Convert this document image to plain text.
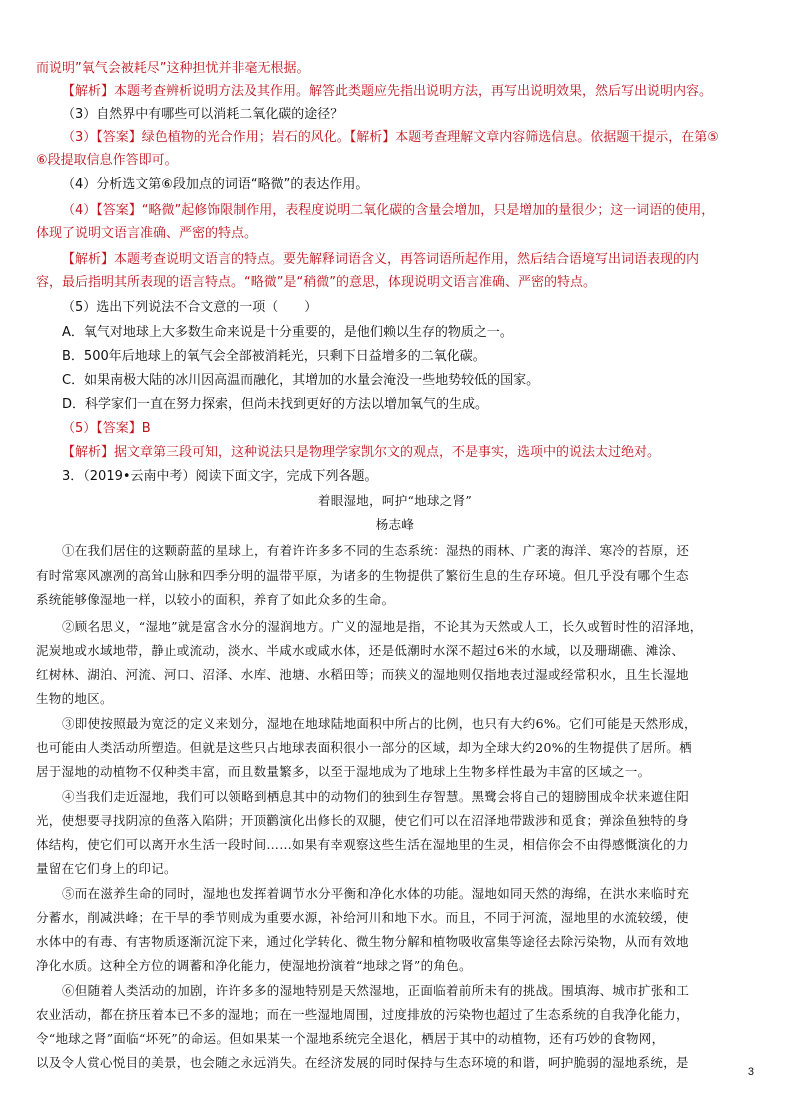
而说明”氧气会被耗尽”这种担忧并非毫无根据。
【解析】本题考查辨析说明方法及其作用。解答此类题应先指出说明方法，再写出说明效果，然后写出说明内容。
（3）自然界中有哪些可以消耗二氧化碳的途径？
（3）【答案】绿色植物的光合作用；岩石的风化。【解析】本题考查理解文章内容筛选信息。依据题干提示，在第⑤
⑥段提取信息作答即可。
（4）分析选文第⑥段加点的词语“略微”的表达作用。
（4）【答案】“略微”起修饰限制作用，表程度说明二氧化碳的含量会增加，只是增加的量很少；这一词语的使用，
体现了说明文语言准确、严密的特点。
【解析】本题考查说明文语言的特点。要先解释词语含义，再答词语所起作用，然后结合语境写出词语表现的内
容，最后指明其所表现的语言特点。“略微”是“稍微”的意思，体现说明文语言准确、严密的特点。
（5）选出下列说法不合文意的一项（　　）
A．氧气对地球上大多数生命来说是十分重要的，是他们赖以生存的物质之一。
B．500年后地球上的氧气会全部被消耗光，只剩下日益增多的二氧化碳。
C．如果南极大陆的冰川因高温而融化，其增加的水量会淹没一些地势较低的国家。
D．科学家们一直在努力探索，但尚未找到更好的方法以增加氧气的生成。
（5）【答案】B
【解析】据文章第三段可知，这种说法只是物理学家凯尔文的观点，不是事实，选项中的说法太过绝对。
3．（2019•云南中考）阅读下面文字，完成下列各题。
着眼湿地，呵护“地球之肾”
杨志峰
①在我们居住的这颗蔚蓝的星球上，有着许许多多不同的生态系统：湿热的雨林、广袤的海洋、寒冷的苔原，还
有时常寒风凛冽的高耸山脉和四季分明的温带平原，为诸多的生物提供了繁衍生息的生存环境。但几乎没有哪个生态
系统能够像湿地一样，以较小的面积，养育了如此众多的生命。
②顾名思义，“湿地”就是富含水分的湿润地方。广义的湿地是指，不论其为天然或人工，长久或暂时性的沼泽地，
泥炭地或水域地带，静止或流动，淡水、半咸水或咸水体，还是低潮时水深不超过6米的水域，以及珊瑚礁、滩涂、
红树林、湖泊、河流、河口、沼泽、水库、池塘、水稻田等；而狭义的湿地则仅指地表过湿或经常积水，且生长湿地
生物的地区。
③即使按照最为宽泛的定义来划分，湿地在地球陆地面积中所占的比例，也只有大约6%。它们可能是天然形成，
也可能由人类活动所塑造。但就是这些只占地球表面积很小一部分的区域，却为全球大约20%的生物提供了居所。栖
居于湿地的动植物不仅种类丰富，而且数量繁多，以至于湿地成为了地球上生物多样性最为丰富的区域之一。
④当我们走近湿地，我们可以领略到栖息其中的动物们的独到生存智慧。黑鹭会将自己的翅膀围成伞状来遮住阳
光，使想要寻找阴凉的鱼落入陷阱；开顶鹳演化出修长的双腿，使它们可以在沼泽地带跋涉和觅食；弹涂鱼独特的身
体结构，使它们可以离开水生活一段时间……如果有幸观察这些生活在湿地里的生灵，相信你会不由得感慨演化的力
量留在它们身上的印记。
⑤而在滋养生命的同时，湿地也发挥着调节水分平衡和净化水体的功能。湿地如同天然的海绵，在洪水来临时充
分蓄水，削减洪峰；在干旱的季节则成为重要水源，补给河川和地下水。而且，不同于河流，湿地里的水流较缓，使
水体中的有毒、有害物质逐渐沉淀下来，通过化学转化、微生物分解和植物吸收富集等途径去除污染物，从而有效地
净化水质。这种全方位的调蓄和净化能力，使湿地扮演着“地球之肾”的角色。
⑥但随着人类活动的加剧，许许多多的湿地特别是天然湿地，正面临着前所未有的挑战。围填海、城市扩张和工
农业活动，都在挤压着本已不多的湿地；而在一些湿地周围，过度排放的污染物也超过了生态系统的自我净化能力，
令“地球之肾”面临“坏死”的命运。但如果某一个湿地系统完全退化，栖居于其中的动植物，还有巧妙的食物网，
以及令人赏心悦目的美景，也会随之永远消失。在经济发展的同时保持与生态环境的和谐，呵护脆弱的湿地系统，是
3
